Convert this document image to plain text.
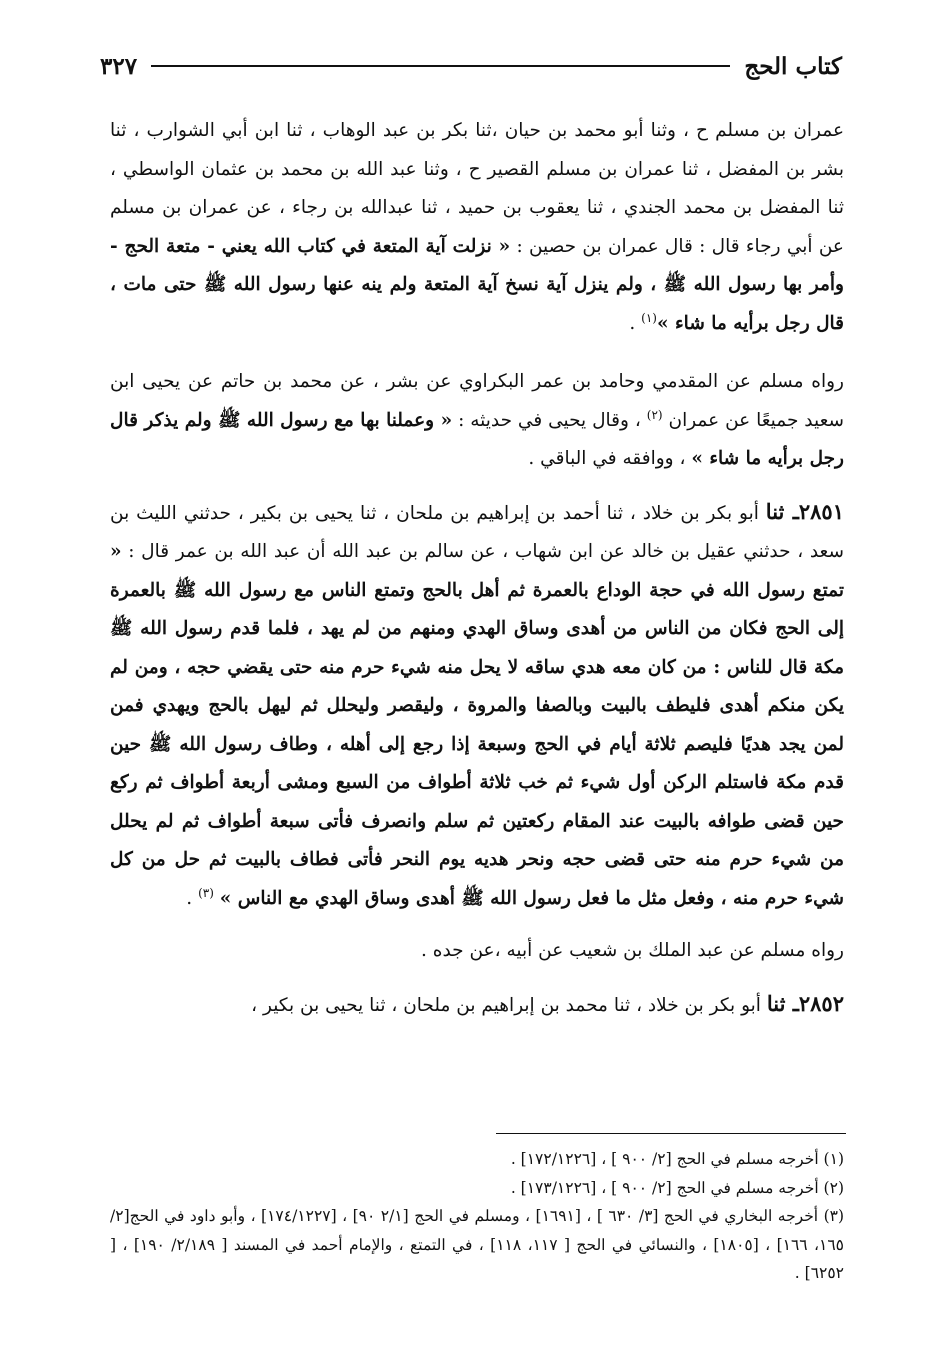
كتاب الحج
٣٢٧

عمران بن مسلم ح ، وثنا أبو محمد بن حيان ،ثنا بكر بن عبد الوهاب ، ثنا ابن أبي الشوارب ، ثنا بشر بن المفضل ، ثنا عمران بن مسلم القصير ح ، وثنا عبد الله بن محمد بن عثمان الواسطي ، ثنا المفضل بن محمد الجندي ، ثنا يعقوب بن حميد ، ثنا عبدالله بن رجاء ، عن عمران بن مسلم عن أبي رجاء قال : قال عمران بن حصين : « نزلت آية المتعة في كتاب الله يعني - متعة الحج - وأمر بها رسول الله ﷺ ، ولم ينزل آية نسخ آية المتعة ولم ينه عنها رسول الله ﷺ حتى مات ، قال رجل برأيه ما شاء »$^{(١)}$ .

رواه مسلم عن المقدمي وحامد بن عمر البكراوي عن بشر ، عن محمد بن حاتم عن يحيى ابن سعيد جميعًا عن عمران $^{(٢)}$ ، وقال يحيى في حديثه : « وعملنا بها مع رسول الله ﷺ ولم يذكر قال رجل برأيه ما شاء » ، ووافقه في الباقي .

٢٨٥١ـ ثنا أبو بكر بن خلاد ، ثنا أحمد بن إبراهيم بن ملحان ، ثنا يحيى بن بكير ، حدثني الليث بن سعد ، حدثني عقيل بن خالد عن ابن شهاب ، عن سالم بن عبد الله أن عبد الله بن عمر قال : « تمتع رسول الله في حجة الوداع بالعمرة ثم أهل بالحج وتمتع الناس مع رسول الله ﷺ بالعمرة إلى الحج فكان من الناس من أهدى وساق الهدي ومنهم من لم يهد ، فلما قدم رسول الله ﷺ مكة قال للناس : من كان معه هدي ساقه لا يحل منه شيء حرم منه حتى يقضي حجه ، ومن لم يكن منكم أهدى فليطف بالبيت وبالصفا والمروة ، وليقصر وليحلل ثم ليهل بالحج ويهدي فمن لمن يجد هديًا فليصم ثلاثة أيام في الحج وسبعة إذا رجع إلى أهله ، وطاف رسول الله ﷺ حين قدم مكة فاستلم الركن أول شيء ثم خب ثلاثة أطواف من السبع ومشى أربعة أطواف ثم ركع حين قضى طوافه بالبيت عند المقام ركعتين ثم سلم وانصرف فأتى سبعة أطواف ثم لم يحلل من شيء حرم منه حتى قضى حجه ونحر هديه يوم النحر فأتى فطاف بالبيت ثم حل من كل شيء حرم منه ، وفعل مثل ما فعل رسول الله ﷺ أهدى وساق الهدي مع الناس » $^{(٣)}$ .

رواه مسلم عن عبد الملك بن شعيب عن أبيه ،عن جده .

٢٨٥٢ـ ثنا أبو بكر بن خلاد ، ثنا محمد بن إبراهيم بن ملحان ، ثنا يحيى بن بكير ،

(١) أخرجه مسلم في الحج [٢/ ٩٠٠ ] ، [١٧٢/١٢٢٦] .

(٢) أخرجه مسلم في الحج [٢/ ٩٠٠ ] ، [١٧٣/١٢٢٦] .

(٣) أخرجه البخاري في الحج [٣/ ٦٣٠ ] ، [١٦٩١] ، ومسلم في الحج [٢/١ ٩٠] ، [١٧٤/١٢٢٧] ، وأبو داود في الحج[٢/ ١٦٥، ١٦٦] ، [١٨٠٥] ، والنسائي في الحج [ ١١٧، ١١٨] ، في التمتع ، والإمام أحمد في المسند [ ٢/١٨٩/ ١٩٠] ، [ ٦٢٥٢] .
